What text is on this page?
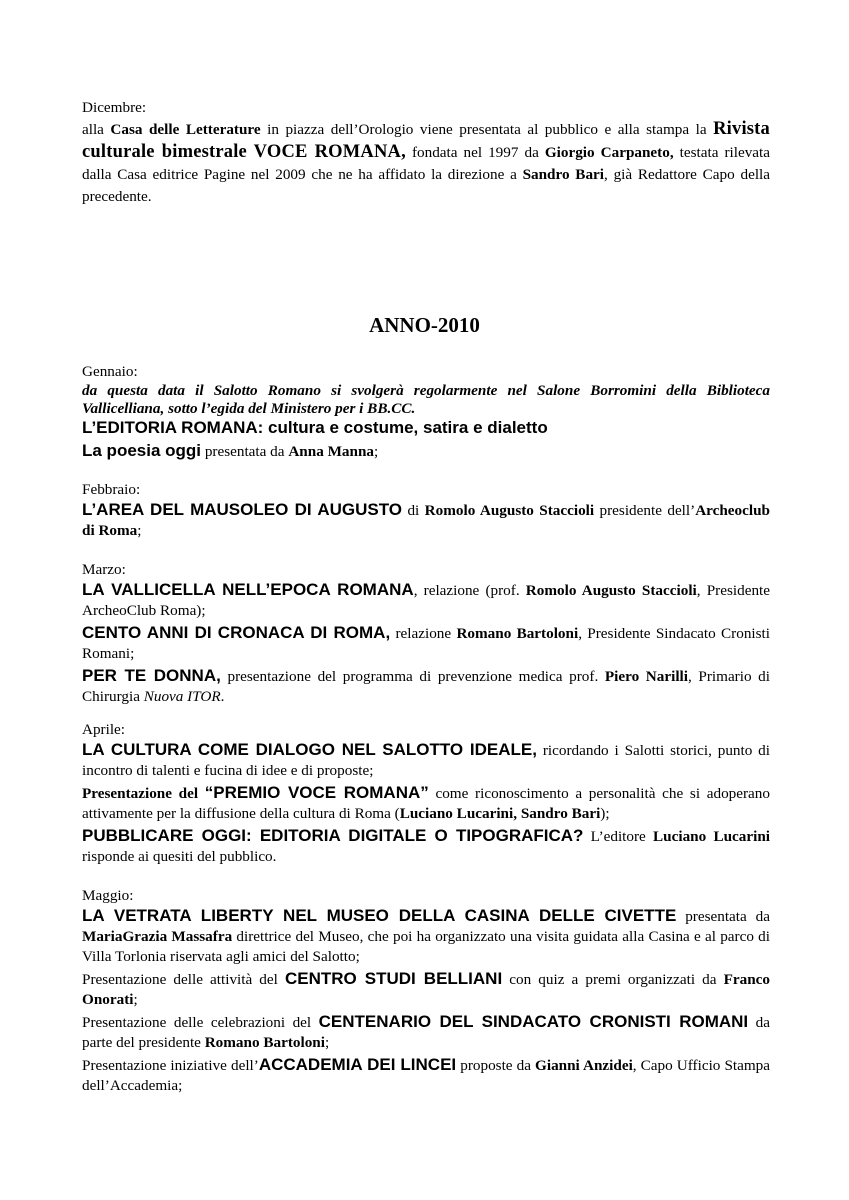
Dicembre:

alla Casa delle Letterature in piazza dell’Orologio viene presentata al pubblico e alla stampa la Rivista culturale bimestrale VOCE ROMANA, fondata nel 1997 da Giorgio Carpaneto, testata rilevata dalla Casa editrice Pagine nel 2009 che ne ha affidato la direzione a Sandro Bari, già Redattore Capo della precedente.

ANNO-2010

Gennaio:

da questa data il Salotto Romano si svolgerà regolarmente nel Salone Borromini della Biblioteca Vallicelliana, sotto l’egida del Ministero per i BB.CC.

L’EDITORIA ROMANA: cultura e costume, satira e dialetto

La poesia oggi presentata da Anna Manna;

Febbraio:

L’AREA DEL MAUSOLEO DI AUGUSTO di Romolo Augusto Staccioli presidente dell’Archeoclub di Roma;

Marzo:

LA VALLICELLA NELL’EPOCA ROMANA, relazione (prof. Romolo Augusto Staccioli, Presidente ArcheoClub Roma);

CENTO ANNI DI CRONACA DI ROMA, relazione Romano Bartoloni, Presidente Sindacato Cronisti Romani;

PER TE DONNA, presentazione del programma di prevenzione medica prof. Piero Narilli, Primario di Chirurgia Nuova ITOR.

Aprile:

LA CULTURA COME DIALOGO NEL SALOTTO IDEALE, ricordando i Salotti storici, punto di incontro di talenti e fucina di idee e di proposte;

Presentazione del “PREMIO VOCE ROMANA” come riconoscimento a personalità che si adoperano attivamente per la diffusione della cultura di Roma (Luciano Lucarini, Sandro Bari);

PUBBLICARE OGGI: EDITORIA DIGITALE O TIPOGRAFICA? L’editore Luciano Lucarini risponde ai quesiti del pubblico.

Maggio:

LA VETRATA LIBERTY NEL MUSEO DELLA CASINA DELLE CIVETTE presentata da MariaGrazia Massafra direttrice del Museo, che poi ha organizzato una visita guidata alla Casina e al parco di Villa Torlonia riservata agli amici del Salotto;

Presentazione delle attività del CENTRO STUDI BELLIANI con quiz a premi organizzati da Franco Onorati;

Presentazione delle celebrazioni del CENTENARIO DEL SINDACATO CRONISTI ROMANI da parte del presidente Romano Bartoloni;

Presentazione iniziative dell’ACCADEMIA DEI LINCEI proposte da Gianni Anzidei, Capo Ufficio Stampa dell’Accademia;
